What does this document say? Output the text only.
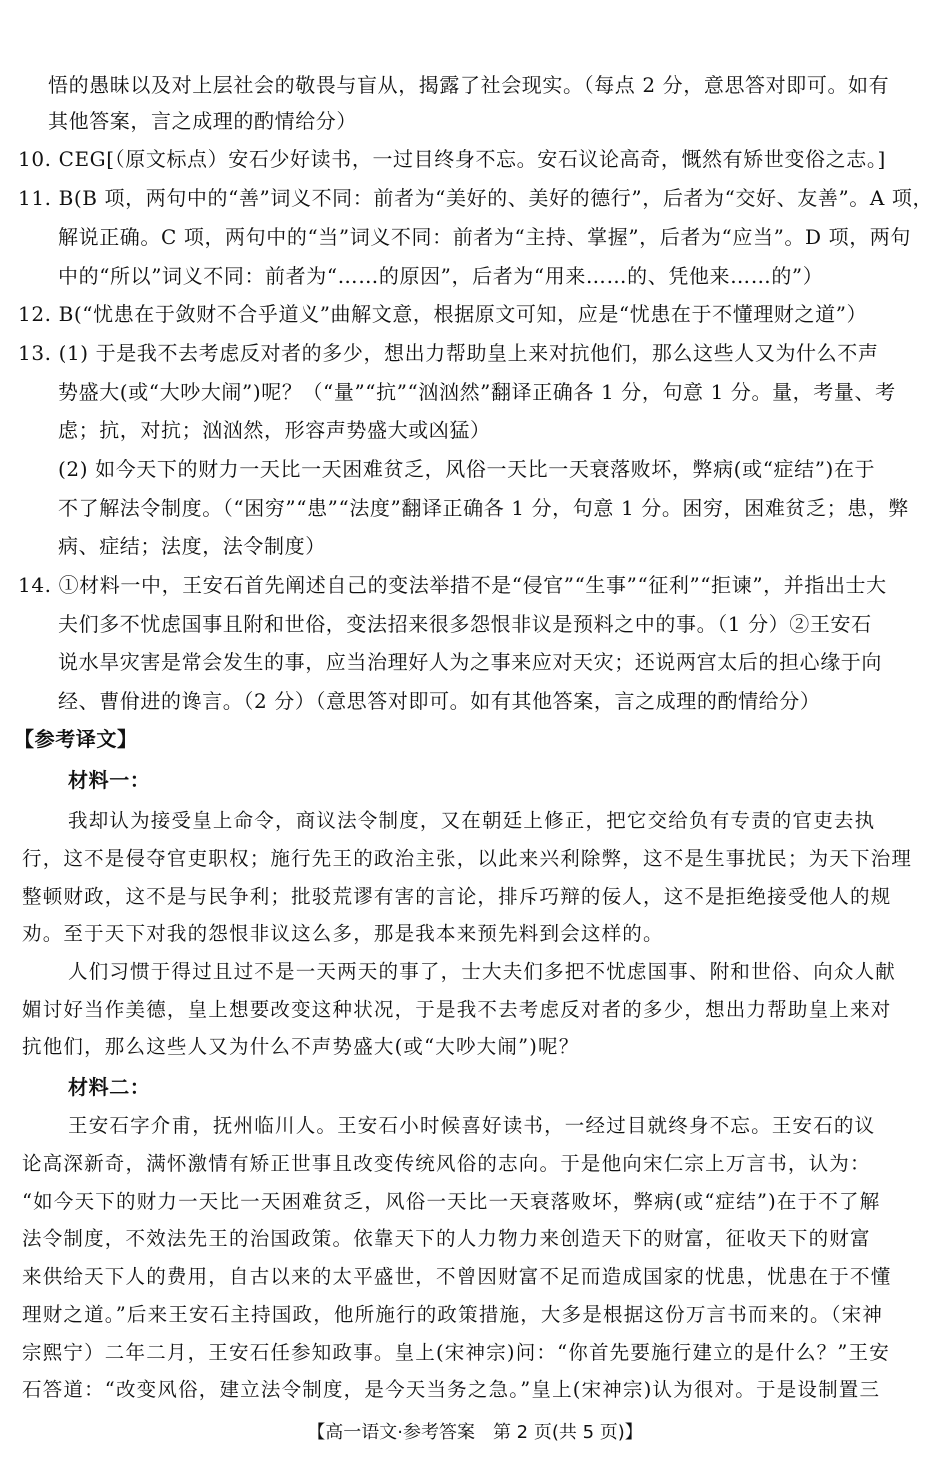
悟的愚昧以及对上层社会的敬畏与盲从，揭露了社会现实。（每点 2 分，意思答对即可。如有
其他答案，言之成理的酌情给分）
10. CEG[（原文标点）安石少好读书，一过目终身不忘。安石议论高奇，慨然有矫世变俗之志。]
11. B(B 项，两句中的“善”词义不同：前者为“美好的、美好的德行”，后者为“交好、友善”。A 项，
解说正确。C 项，两句中的“当”词义不同：前者为“主持、掌握”，后者为“应当”。D 项，两句
中的“所以”词义不同：前者为“……的原因”，后者为“用来……的、凭他来……的”）
12. B(“忧患在于敛财不合乎道义”曲解文意，根据原文可知，应是“忧患在于不懂理财之道”）
13. (1) 于是我不去考虑反对者的多少，想出力帮助皇上来对抗他们，那么这些人又为什么不声
势盛大(或“大吵大闹”)呢？（“量”“抗”“汹汹然”翻译正确各 1 分，句意 1 分。量，考量、考
虑；抗，对抗；汹汹然，形容声势盛大或凶猛）
(2) 如今天下的财力一天比一天困难贫乏，风俗一天比一天衰落败坏，弊病(或“症结”)在于
不了解法令制度。（“困穷”“患”“法度”翻译正确各 1 分，句意 1 分。困穷，困难贫乏；患，弊
病、症结；法度，法令制度）
14. ①材料一中，王安石首先阐述自己的变法举措不是“侵官”“生事”“征利”“拒谏”，并指出士大
夫们多不忧虑国事且附和世俗，变法招来很多怨恨非议是预料之中的事。（1 分）②王安石
说水旱灾害是常会发生的事，应当治理好人为之事来应对天灾；还说两宫太后的担心缘于向
经、曹佾进的谗言。（2 分）（意思答对即可。如有其他答案，言之成理的酌情给分）
【参考译文】
材料一：
我却认为接受皇上命令，商议法令制度，又在朝廷上修正，把它交给负有专责的官吏去执
行，这不是侵夺官吏职权；施行先王的政治主张，以此来兴利除弊，这不是生事扰民；为天下治理
整顿财政，这不是与民争利；批驳荒谬有害的言论，排斥巧辩的佞人，这不是拒绝接受他人的规
劝。至于天下对我的怨恨非议这么多，那是我本来预先料到会这样的。
人们习惯于得过且过不是一天两天的事了，士大夫们多把不忧虑国事、附和世俗、向众人献
媚讨好当作美德，皇上想要改变这种状况，于是我不去考虑反对者的多少，想出力帮助皇上来对
抗他们，那么这些人又为什么不声势盛大(或“大吵大闹”)呢？
材料二：
王安石字介甫，抚州临川人。王安石小时候喜好读书，一经过目就终身不忘。王安石的议
论高深新奇，满怀激情有矫正世事且改变传统风俗的志向。于是他向宋仁宗上万言书，认为：
“如今天下的财力一天比一天困难贫乏，风俗一天比一天衰落败坏，弊病(或“症结”)在于不了解
法令制度，不效法先王的治国政策。依靠天下的人力物力来创造天下的财富，征收天下的财富
来供给天下人的费用，自古以来的太平盛世，不曾因财富不足而造成国家的忧患，忧患在于不懂
理财之道。”后来王安石主持国政，他所施行的政策措施，大多是根据这份万言书而来的。（宋神
宗熙宁）二年二月，王安石任参知政事。皇上(宋神宗)问：“你首先要施行建立的是什么？”王安
石答道：“改变风俗，建立法令制度，是今天当务之急。”皇上(宋神宗)认为很对。于是设制置三
【高一语文·参考答案　第 2 页(共 5 页)】
